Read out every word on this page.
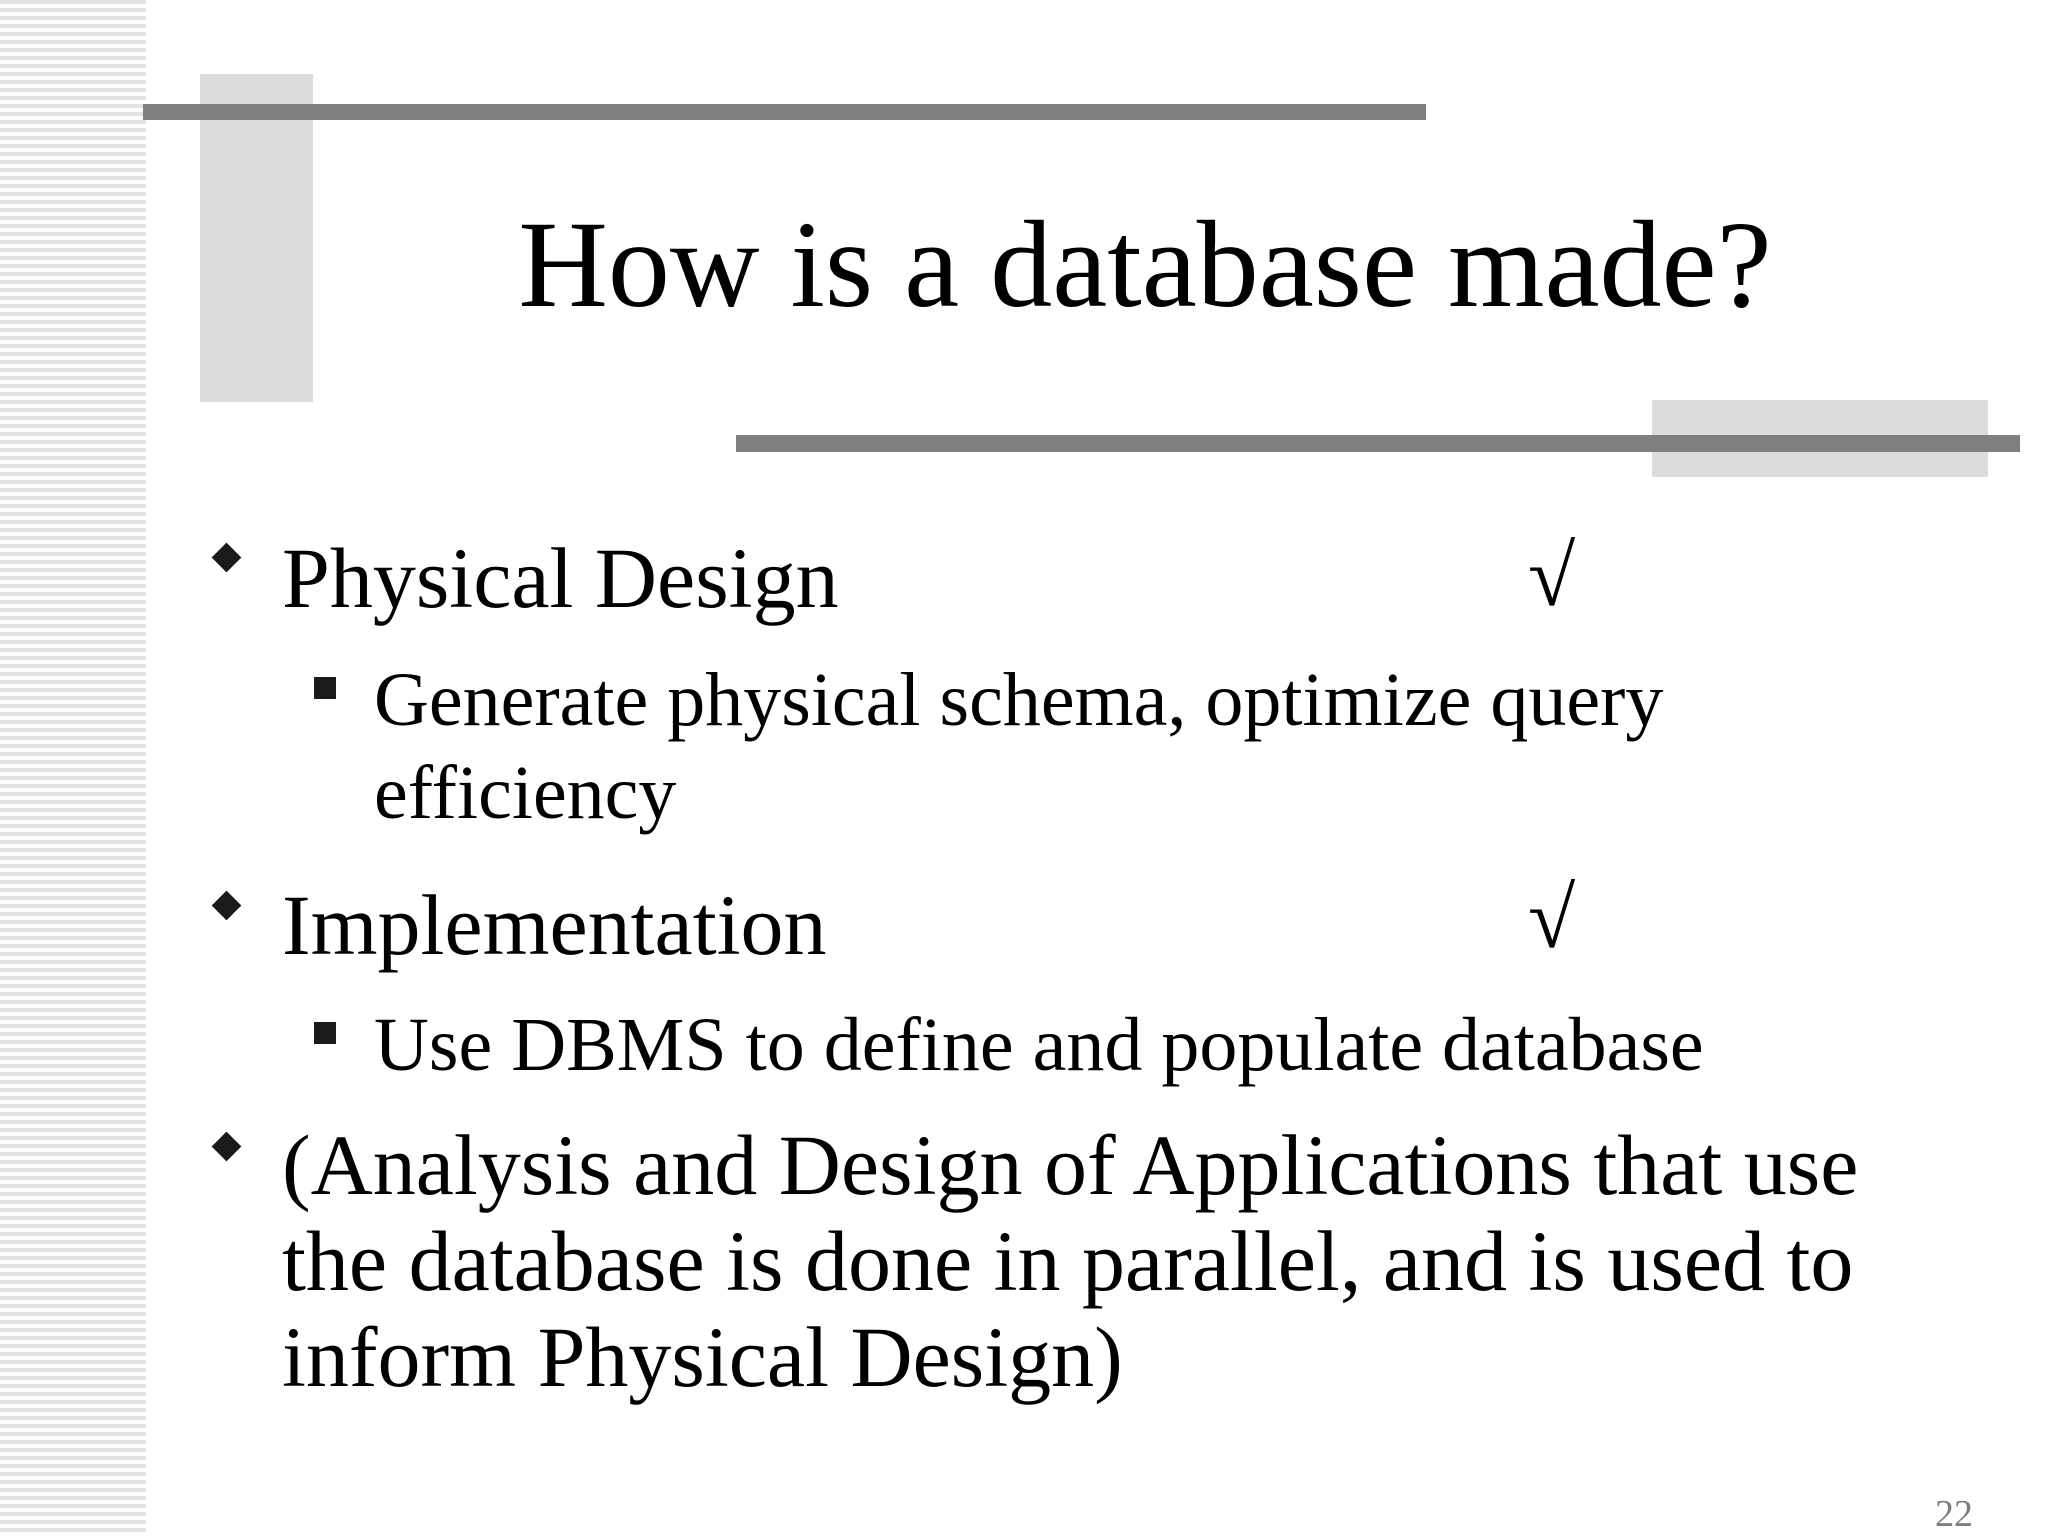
How is a database made?
Physical Design	√
Generate physical schema, optimize query efficiency
Implementation	√
Use DBMS to define and populate database
(Analysis and Design of Applications that use the database is done in parallel, and is used to inform Physical Design)
22
